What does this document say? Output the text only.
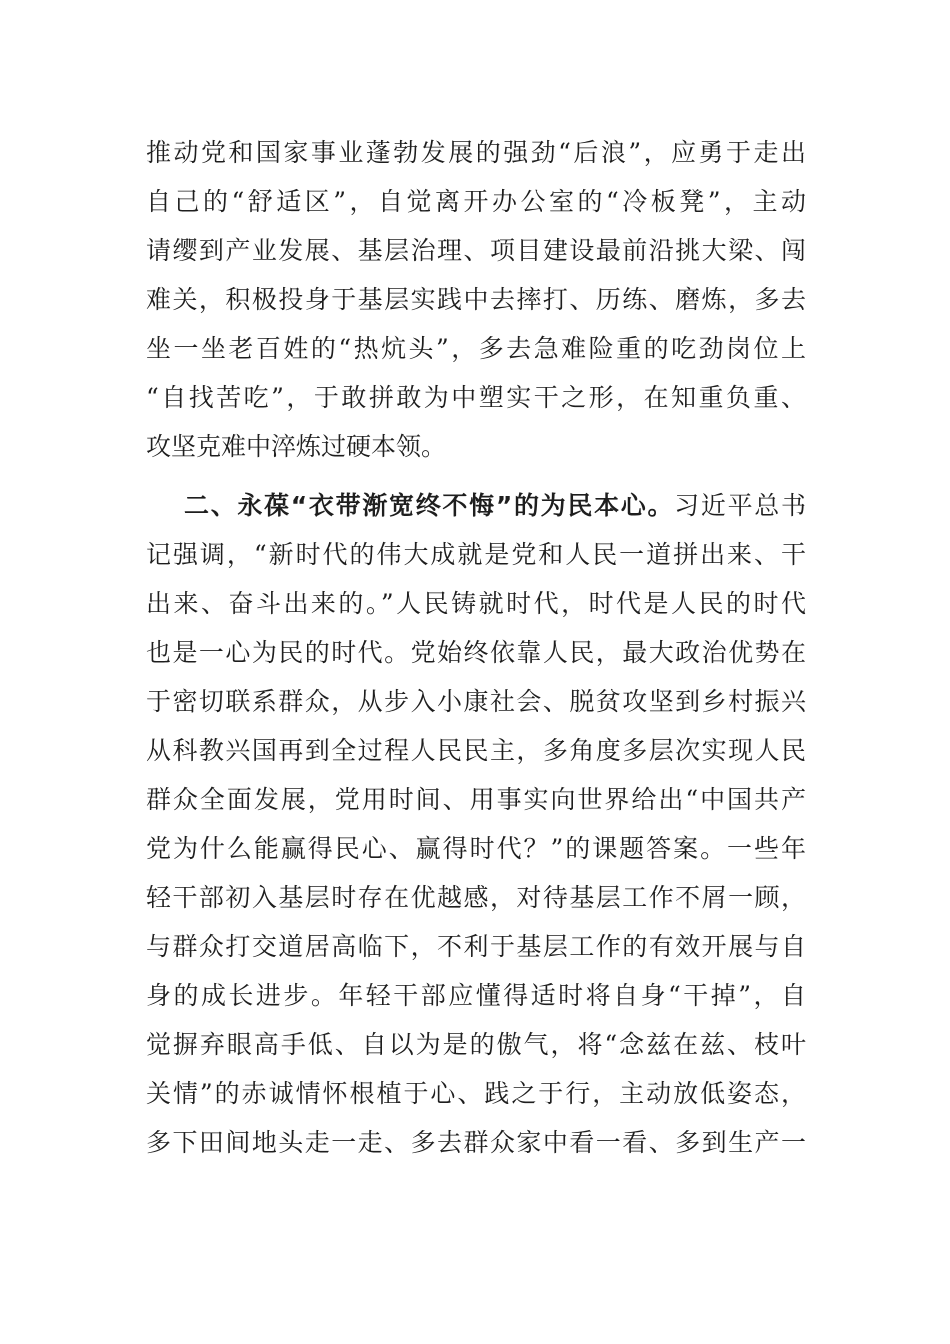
推动党和国家事业蓬勃发展的强劲“后浪”，应勇于走出
自己的“舒适区”，自觉离开办公室的“冷板凳”，主动
请缨到产业发展、基层治理、项目建设最前沿挑大梁、闯
难关，积极投身于基层实践中去摔打、历练、磨炼，多去
坐一坐老百姓的“热炕头”，多去急难险重的吃劲岗位上
“自找苦吃”，于敢拼敢为中塑实干之形，在知重负重、
攻坚克难中淬炼过硬本领。
二、永葆“衣带渐宽终不悔”的为民本心。习近平总书
记强调，“新时代的伟大成就是党和人民一道拼出来、干
出来、奋斗出来的。”人民铸就时代，时代是人民的时代
也是一心为民的时代。党始终依靠人民，最大政治优势在
于密切联系群众，从步入小康社会、脱贫攻坚到乡村振兴
从科教兴国再到全过程人民民主，多角度多层次实现人民
群众全面发展，党用时间、用事实向世界给出“中国共产
党为什么能赢得民心、赢得时代？”的课题答案。一些年
轻干部初入基层时存在优越感，对待基层工作不屑一顾，
与群众打交道居高临下，不利于基层工作的有效开展与自
身的成长进步。年轻干部应懂得适时将自身“干掉”，自
觉摒弃眼高手低、自以为是的傲气，将“念兹在兹、枝叶
关情”的赤诚情怀根植于心、践之于行，主动放低姿态，
多下田间地头走一走、多去群众家中看一看、多到生产一
